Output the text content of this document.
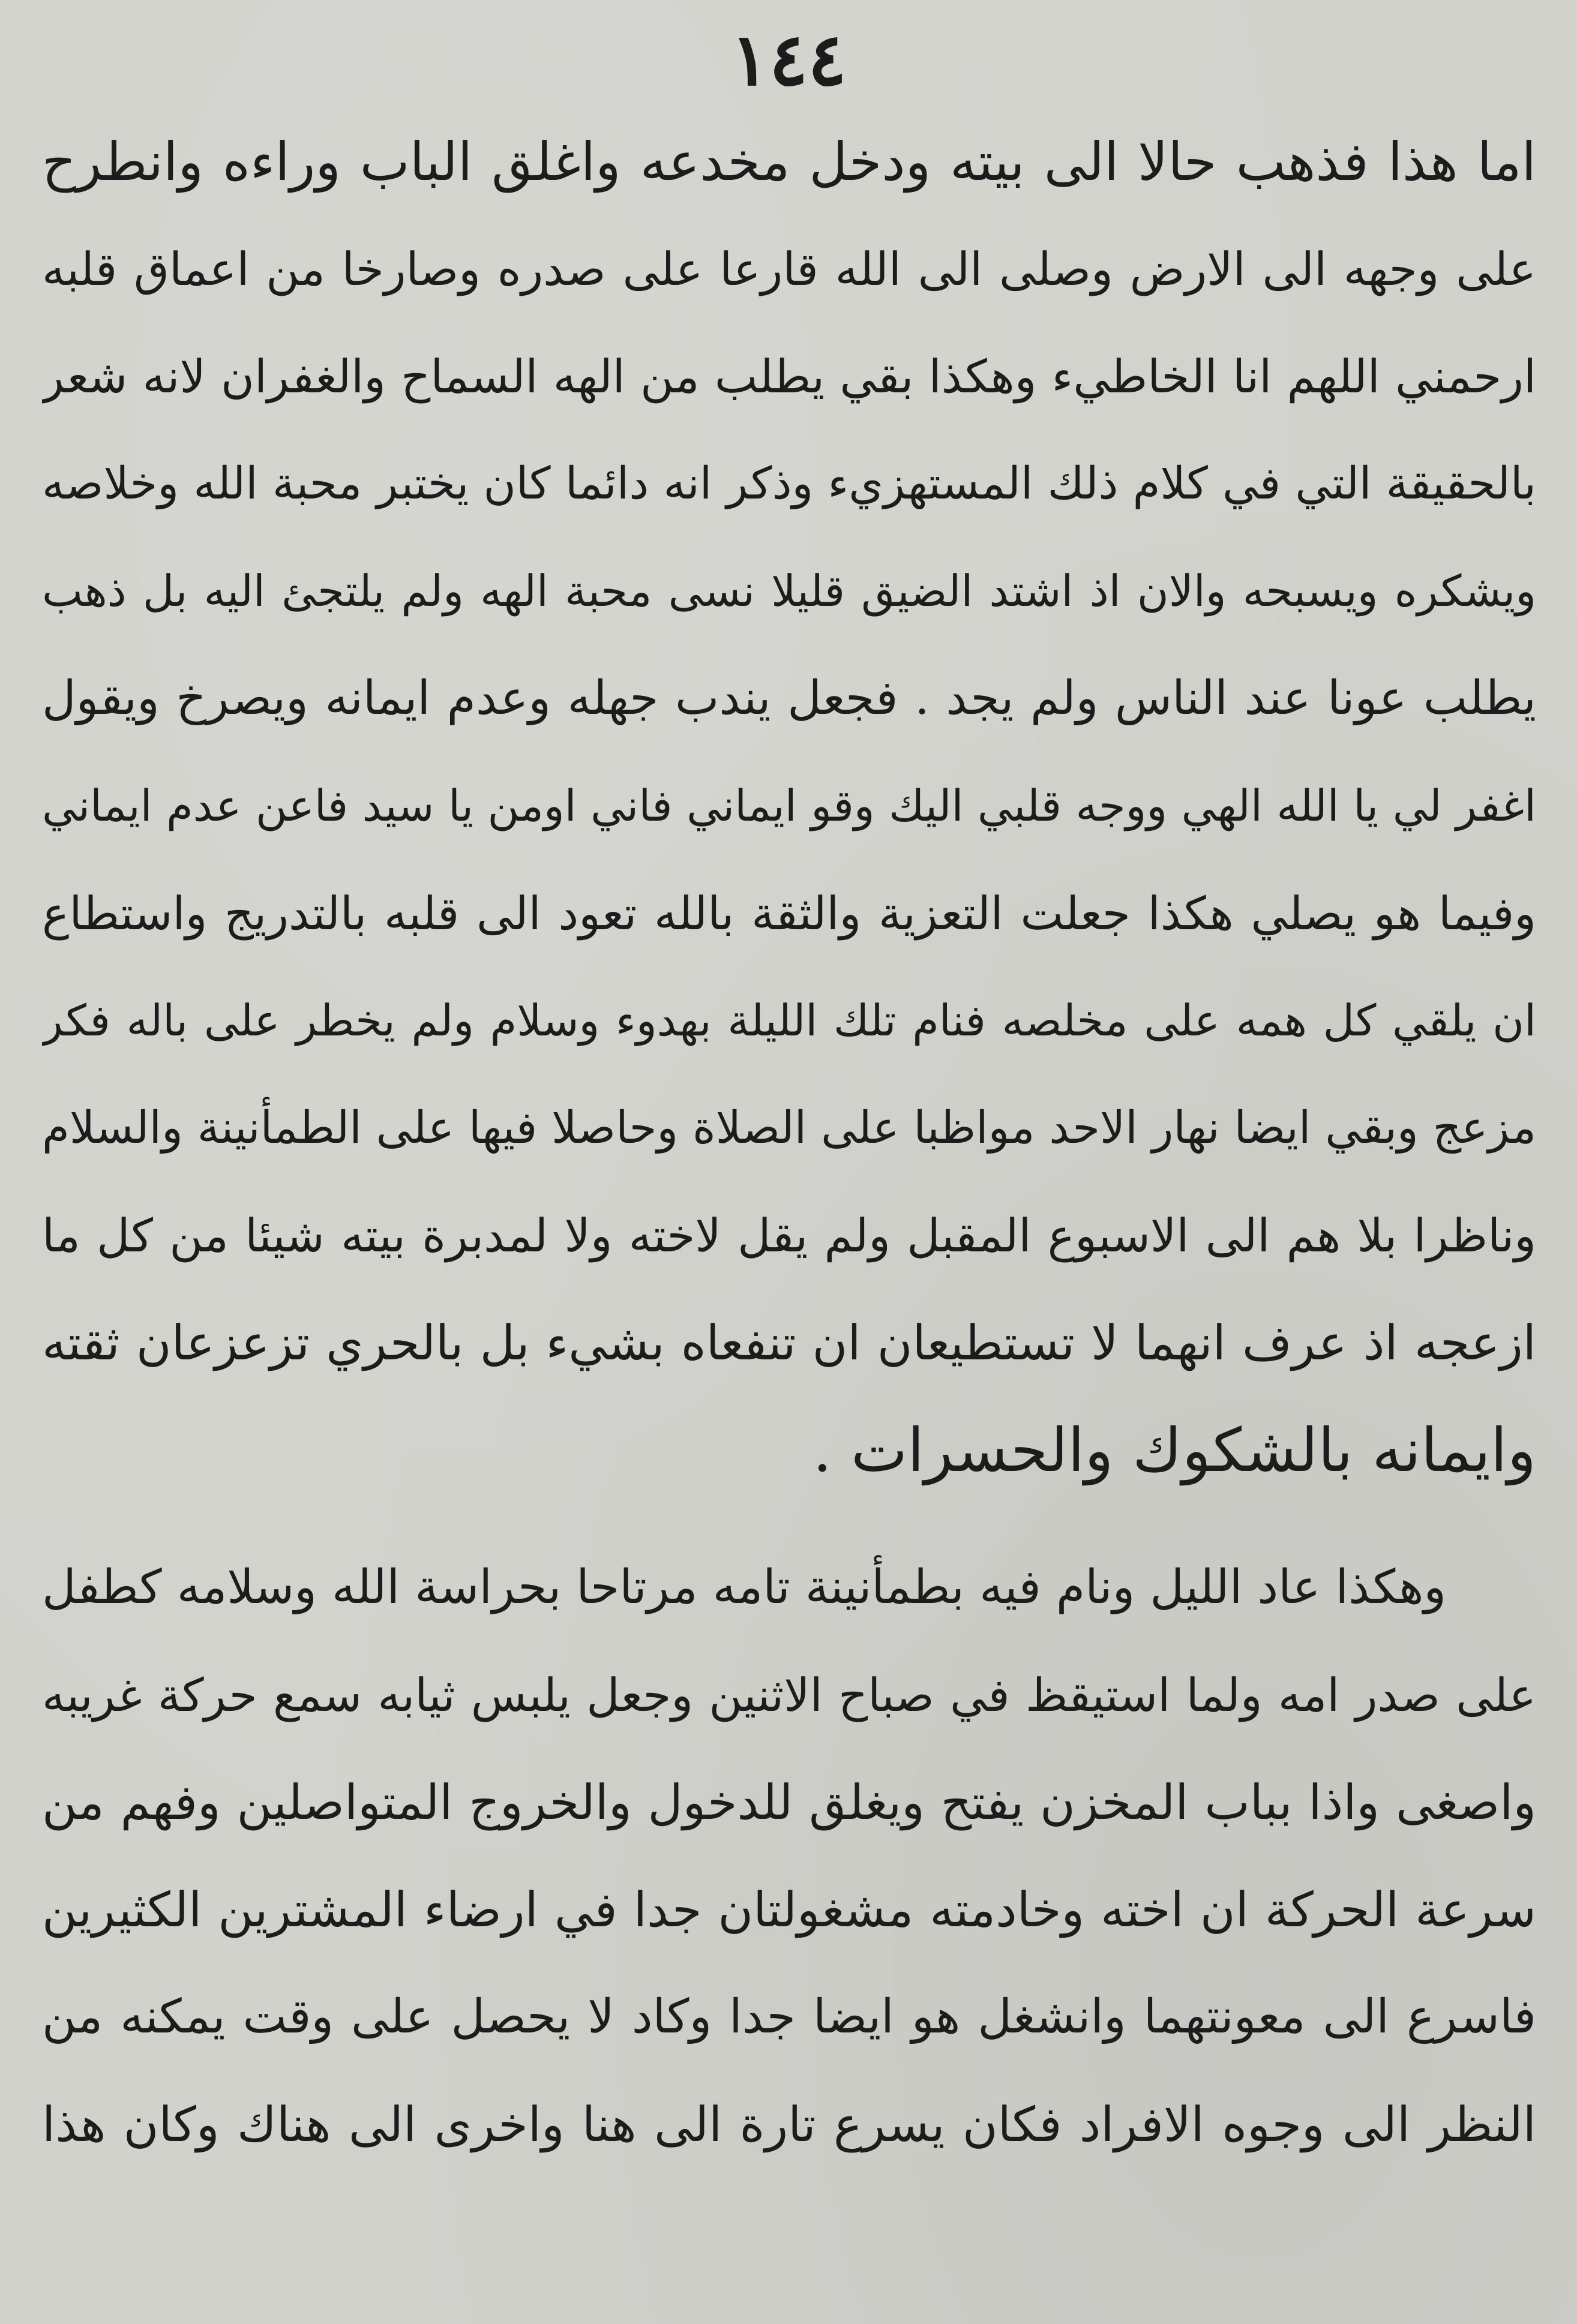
١٤٤
اما هذا فذهب حالا الى بيته ودخل مخدعه واغلق الباب وراءه وانطرح
على وجهه الى الارض وصلى الى الله قارعا على صدره وصارخا من اعماق قلبه
ارحمني اللهم انا الخاطيء وهكذا بقي يطلب من الهه السماح والغفران لانه شعر
بالحقيقة التي في كلام ذلك المستهزيء وذكر انه دائما كان يختبر محبة الله وخلاصه
ويشكره ويسبحه والان اذ اشتد الضيق قليلا نسى محبة الهه ولم يلتجئ اليه بل ذهب
يطلب عونا عند الناس ولم يجد . فجعل يندب جهله وعدم ايمانه ويصرخ ويقول
اغفر لي يا الله الهي ووجه قلبي اليك وقو ايماني فاني اومن يا سيد فاعن عدم ايماني
وفيما هو يصلي هكذا جعلت التعزية والثقة بالله تعود الى قلبه بالتدريج واستطاع
ان يلقي كل همه على مخلصه فنام تلك الليلة بهدوء وسلام ولم يخطر على باله فكر
مزعج وبقي ايضا نهار الاحد مواظبا على الصلاة وحاصلا فيها على الطمأنينة والسلام
وناظرا بلا هم الى الاسبوع المقبل ولم يقل لاخته ولا لمدبرة بيته شيئا من كل ما
ازعجه اذ عرف انهما لا تستطيعان ان تنفعاه بشيء بل بالحري تزعزعان ثقته
وايمانه بالشكوك والحسرات .
وهكذا عاد الليل ونام فيه بطمأنينة تامه مرتاحا بحراسة الله وسلامه كطفل
على صدر امه ولما استيقظ في صباح الاثنين وجعل يلبس ثيابه سمع حركة غريبه
واصغى واذا بباب المخزن يفتح ويغلق للدخول والخروج المتواصلين وفهم من
سرعة الحركة ان اخته وخادمته مشغولتان جدا في ارضاء المشترين الكثيرين
فاسرع الى معونتهما وانشغل هو ايضا جدا وكاد لا يحصل على وقت يمكنه من
النظر الى وجوه الافراد فكان يسرع تارة الى هنا واخرى الى هناك وكان هذا
